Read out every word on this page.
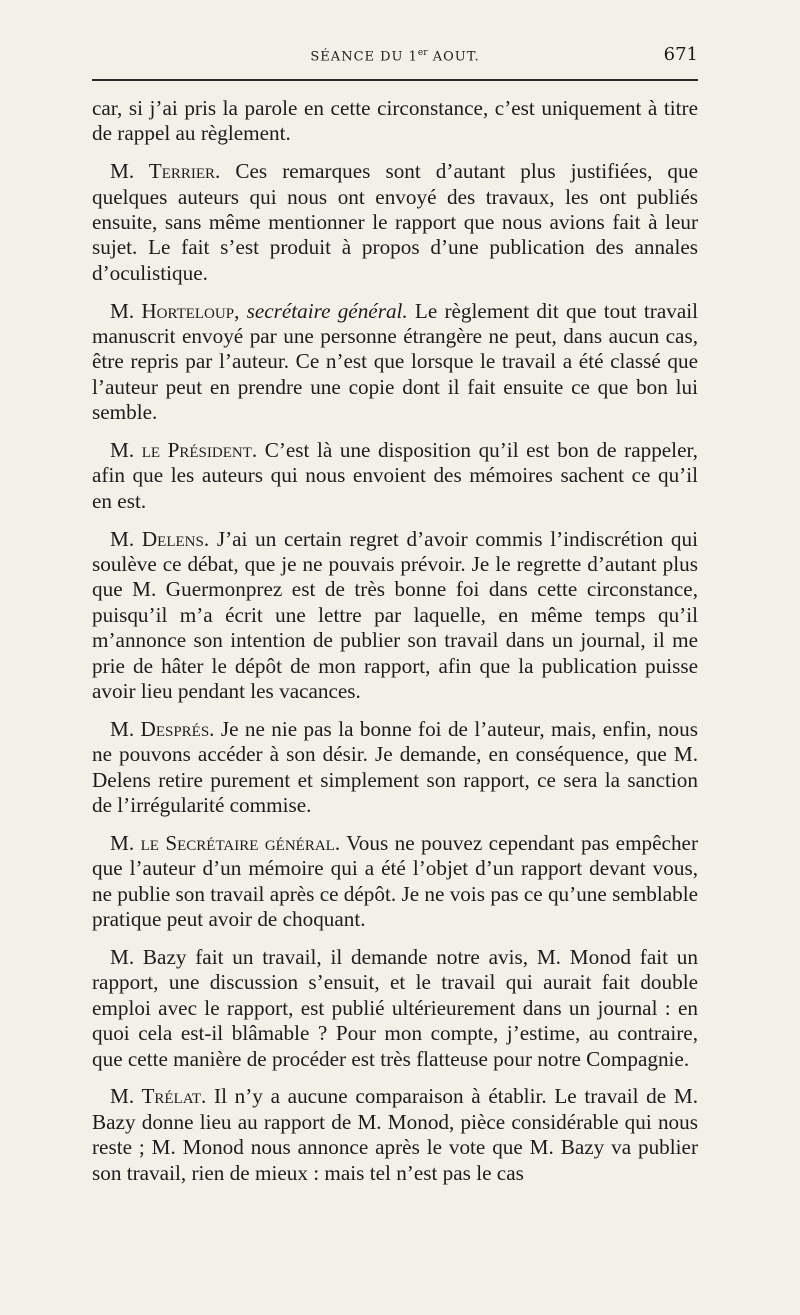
SÉANCE DU 1er AOUT.	671

car, si j’ai pris la parole en cette circonstance, c’est uniquement à titre de rappel au règlement.

M. Terrier. Ces remarques sont d’autant plus justifiées, que quelques auteurs qui nous ont envoyé des travaux, les ont publiés ensuite, sans même mentionner le rapport que nous avions fait à leur sujet. Le fait s’est produit à propos d’une publication des annales d’oculistique.

M. Horteloup, secrétaire général. Le règlement dit que tout travail manuscrit envoyé par une personne étrangère ne peut, dans aucun cas, être repris par l’auteur. Ce n’est que lorsque le travail a été classé que l’auteur peut en prendre une copie dont il fait ensuite ce que bon lui semble.

M. le Président. C’est là une disposition qu’il est bon de rappeler, afin que les auteurs qui nous envoient des mémoires sachent ce qu’il en est.

M. Delens. J’ai un certain regret d’avoir commis l’indiscrétion qui soulève ce débat, que je ne pouvais prévoir. Je le regrette d’autant plus que M. Guermonprez est de très bonne foi dans cette circonstance, puisqu’il m’a écrit une lettre par laquelle, en même temps qu’il m’annonce son intention de publier son travail dans un journal, il me prie de hâter le dépôt de mon rapport, afin que la publication puisse avoir lieu pendant les vacances.

M. Després. Je ne nie pas la bonne foi de l’auteur, mais, enfin, nous ne pouvons accéder à son désir. Je demande, en conséquence, que M. Delens retire purement et simplement son rapport, ce sera la sanction de l’irrégularité commise.

M. le Secrétaire général. Vous ne pouvez cependant pas empêcher que l’auteur d’un mémoire qui a été l’objet d’un rapport devant vous, ne publie son travail après ce dépôt. Je ne vois pas ce qu’une semblable pratique peut avoir de choquant.

M. Bazy fait un travail, il demande notre avis, M. Monod fait un rapport, une discussion s’ensuit, et le travail qui aurait fait double emploi avec le rapport, est publié ultérieurement dans un journal : en quoi cela est-il blâmable ? Pour mon compte, j’estime, au contraire, que cette manière de procéder est très flatteuse pour notre Compagnie.

M. Trélat. Il n’y a aucune comparaison à établir. Le travail de M. Bazy donne lieu au rapport de M. Monod, pièce considérable qui nous reste ; M. Monod nous annonce après le vote que M. Bazy va publier son travail, rien de mieux : mais tel n’est pas le cas
